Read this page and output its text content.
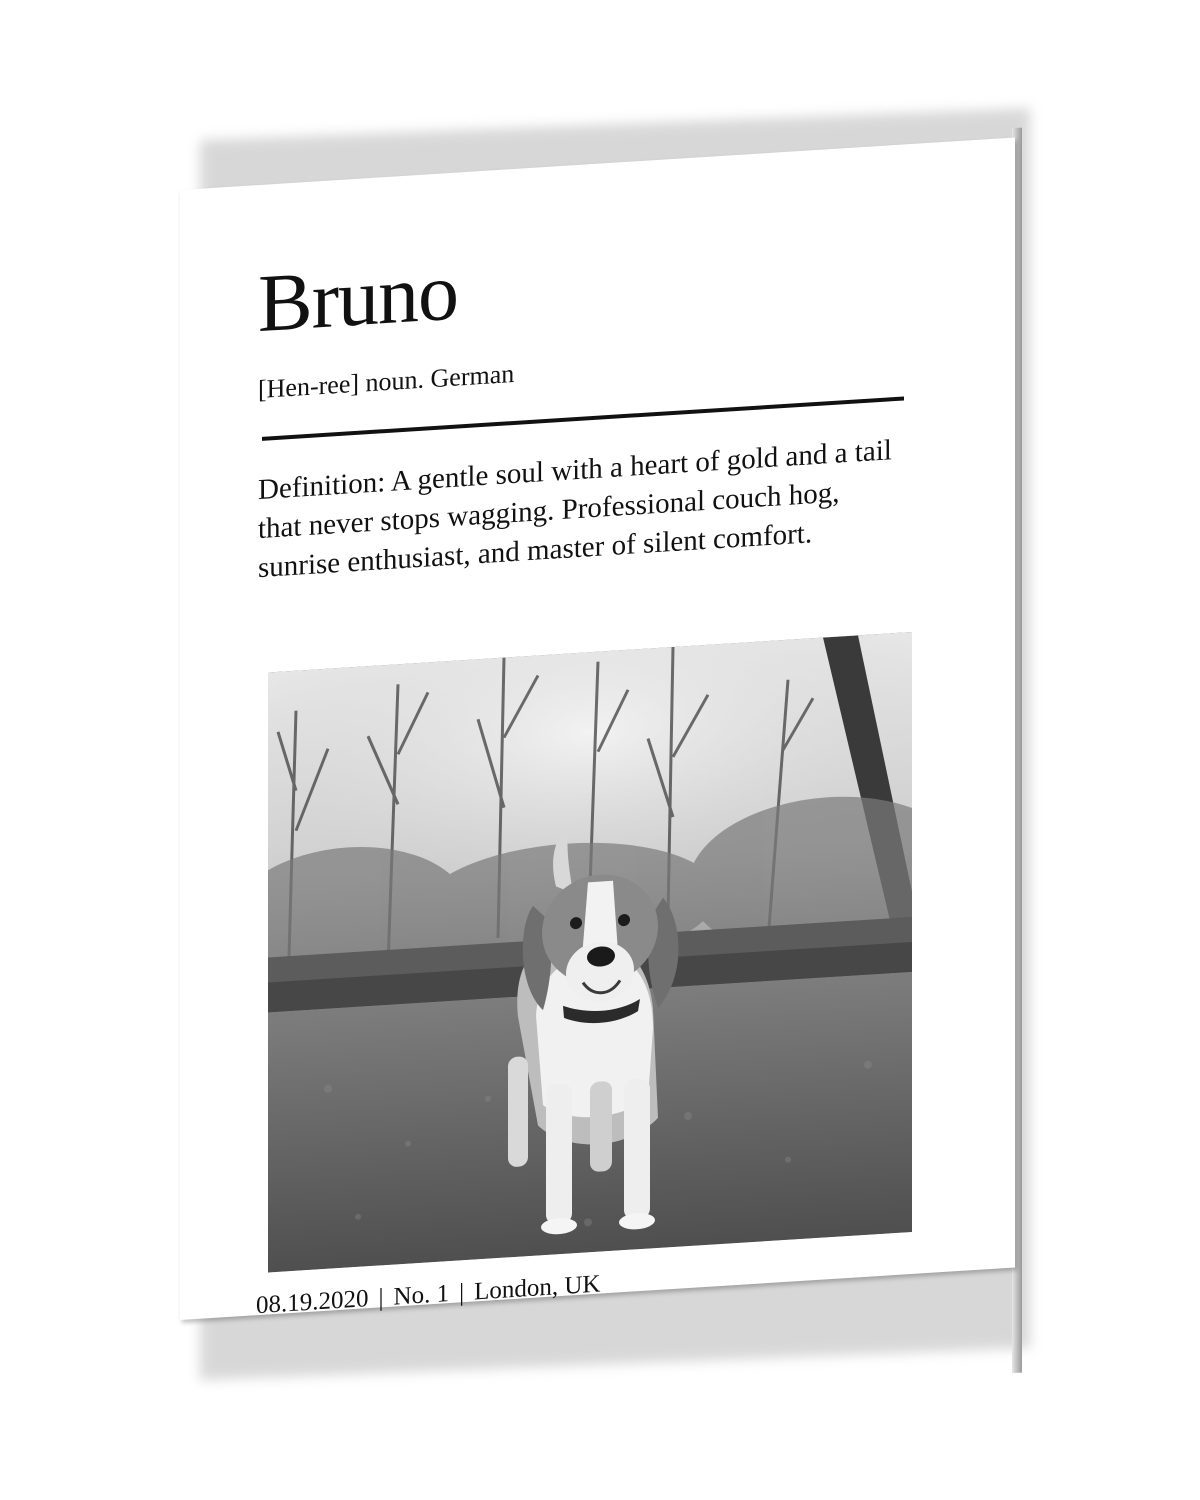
Bruno
[Hen-ree] noun. German

Definition: A gentle soul with a heart of gold and a tail that never stops wagging. Professional couch hog, sunrise enthusiast, and master of silent comfort.

08.19.2020 | No. 1 | London, UK
